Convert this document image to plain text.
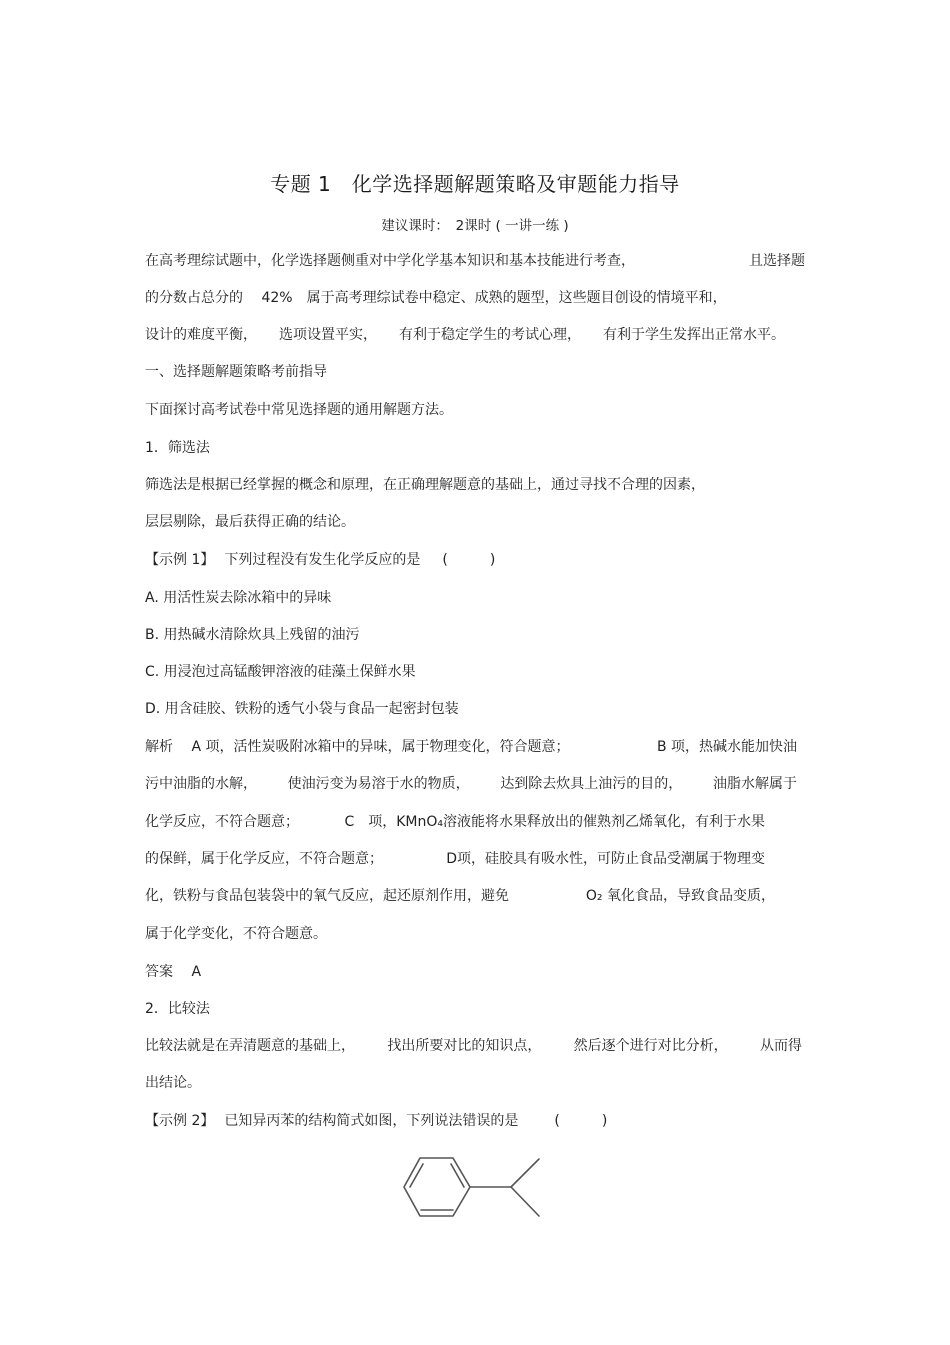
专题 1　化学选择题解题策略及审题能力指导
建议课时：　2课时 ( 一讲一练 )
在高考理综试题中，化学选择题侧重对中学化学基本知识和基本技能进行考查，	且选择题
的分数占总分的　 42%　属于高考理综试卷中稳定、成熟的题型，这些题目创设的情境平和，
设计的难度平衡， 选项设置平实， 有利于稳定学生的考试心理， 有利于学生发挥出正常水平。
一、选择题解题策略考前指导
下面探讨高考试卷中常见选择题的通用解题方法。
1．筛选法
筛选法是根据已经掌握的概念和原理，在正确理解题意的基础上，通过寻找不合理的因素，
层层剔除，最后获得正确的结论。
【示例 1】 下列过程没有发生化学反应的是 (　　　)
A. 用活性炭去除冰箱中的异味
B. 用热碱水清除炊具上残留的油污
C. 用浸泡过高锰酸钾溶液的硅藻土保鲜水果
D. 用含硅胶、铁粉的透气小袋与食品一起密封包装
解析　 A 项，活性炭吸附冰箱中的异味，属于物理变化，符合题意；	B 项，热碱水能加快油
污中油脂的水解， 使油污变为易溶于水的物质， 达到除去炊具上油污的目的， 油脂水解属于
化学反应，不符合题意；	C　项，KMnO₄溶液能将水果释放出的催熟剂乙烯氧化，有利于水果
的保鲜，属于化学反应，不符合题意；	D项，硅胶具有吸水性，可防止食品受潮属于物理变
化，铁粉与食品包装袋中的氧气反应，起还原剂作用，避免	O₂ 氧化食品，导致食品变质，
属于化学变化，不符合题意。
答案　 A
2．比较法
比较法就是在弄清题意的基础上， 找出所要对比的知识点， 然后逐个进行对比分析， 从而得
出结论。
【示例 2】 已知异丙苯的结构简式如图，下列说法错误的是	(　　　)
